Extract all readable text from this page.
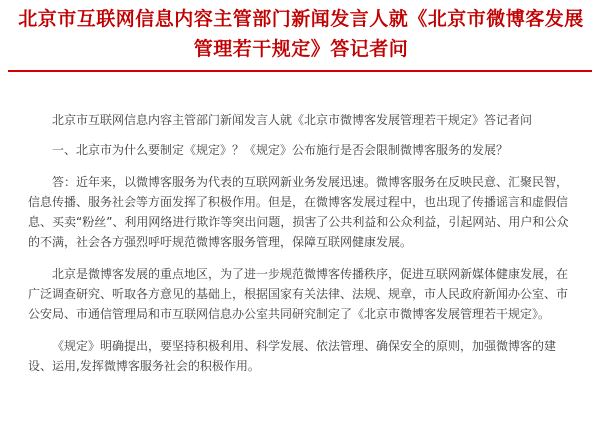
北京市互联网信息内容主管部门新闻发言人就《北京市微博客发展管理若干规定》答记者问

北京市互联网信息内容主管部门新闻发言人就《北京市微博客发展管理若干规定》答记者问

一、北京市为什么要制定《规定》？《规定》公布施行是否会限制微博客服务的发展？

答：近年来，以微博客服务为代表的互联网新业务发展迅速。微博客服务在反映民意、汇聚民智，信息传播、服务社会等方面发挥了积极作用。但是，在微博客发展过程中，也出现了传播谣言和虚假信息、买卖“粉丝”、利用网络进行欺诈等突出问题，损害了公共利益和公众利益，引起网站、用户和公众的不满，社会各方强烈呼吁规范微博客服务管理，保障互联网健康发展。

北京是微博客发展的重点地区，为了进一步规范微博客传播秩序，促进互联网新媒体健康发展，在广泛调查研究、听取各方意见的基础上，根据国家有关法律、法规、规章，市人民政府新闻办公室、市公安局、市通信管理局和市互联网信息办公室共同研究制定了《北京市微博客发展管理若干规定》。

《规定》明确提出，要坚持积极利用、科学发展、依法管理、确保安全的原则，加强微博客的建设、运用,发挥微博客服务社会的积极作用。
